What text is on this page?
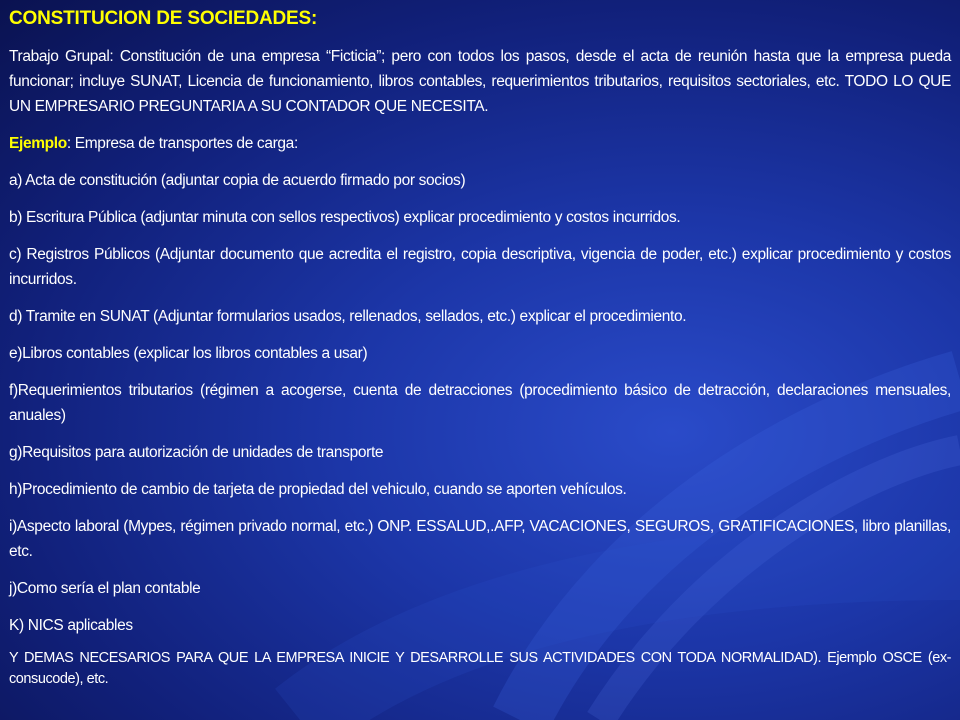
CONSTITUCION DE SOCIEDADES:
Trabajo Grupal: Constitución de una empresa “Ficticia”; pero con todos los pasos, desde el acta de reunión hasta que la empresa pueda funcionar; incluye SUNAT, Licencia de funcionamiento, libros contables, requerimientos tributarios, requisitos sectoriales, etc. TODO LO QUE UN EMPRESARIO PREGUNTARIA A SU CONTADOR QUE NECESITA.
Ejemplo: Empresa de transportes de carga:
a) Acta de constitución (adjuntar copia de acuerdo firmado por socios)
b) Escritura Pública (adjuntar minuta con sellos respectivos) explicar procedimiento y costos incurridos.
c) Registros Públicos (Adjuntar documento que acredita el registro, copia descriptiva, vigencia de poder, etc.) explicar procedimiento y costos incurridos.
d) Tramite en SUNAT (Adjuntar formularios usados, rellenados, sellados, etc.) explicar el procedimiento.
e)Libros contables (explicar los libros contables a usar)
f)Requerimientos tributarios (régimen a acogerse, cuenta de detracciones (procedimiento básico de detracción, declaraciones mensuales, anuales)
g)Requisitos para autorización de unidades de transporte
h)Procedimiento de cambio de tarjeta de propiedad del vehiculo, cuando se aporten vehículos.
i)Aspecto laboral (Mypes, régimen privado normal, etc.) ONP. ESSALUD,.AFP, VACACIONES, SEGUROS, GRATIFICACIONES, libro planillas, etc.
j)Como sería el plan contable
K) NICS aplicables
Y DEMAS NECESARIOS PARA QUE LA EMPRESA INICIE Y DESARROLLE SUS ACTIVIDADES CON TODA NORMALIDAD). Ejemplo OSCE (ex- consucode), etc.
